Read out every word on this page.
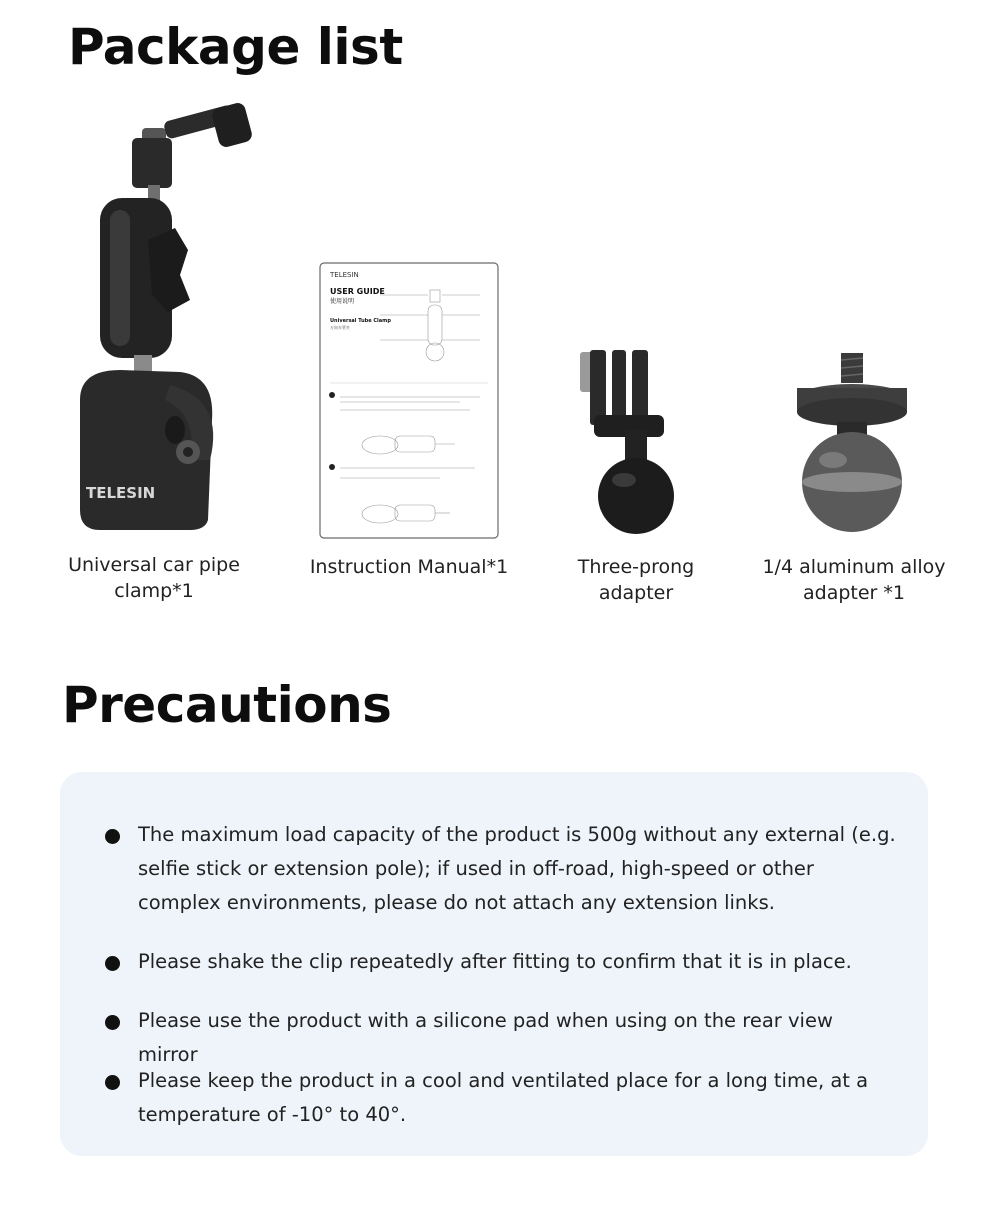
Package list
TELESIN
Universal car pipe clamp*1
TELESIN
USER GUIDE
使用说明
Universal Tube Clamp
万向车管夹
Instruction Manual*1	Three-prong adapter
1/4 aluminum alloy adapter *1
Precautions
The maximum load capacity of the product is 500g without any external (e.g. selfie stick or extension pole); if used in off-road, high-speed or other complex environments, please do not attach any extension links.
Please shake the clip repeatedly after fitting to confirm that it is in place.
Please use the product with a silicone pad when using on the rear view mirror
Please keep the product in a cool and ventilated place for a long time, at a temperature of -10° to 40°.
